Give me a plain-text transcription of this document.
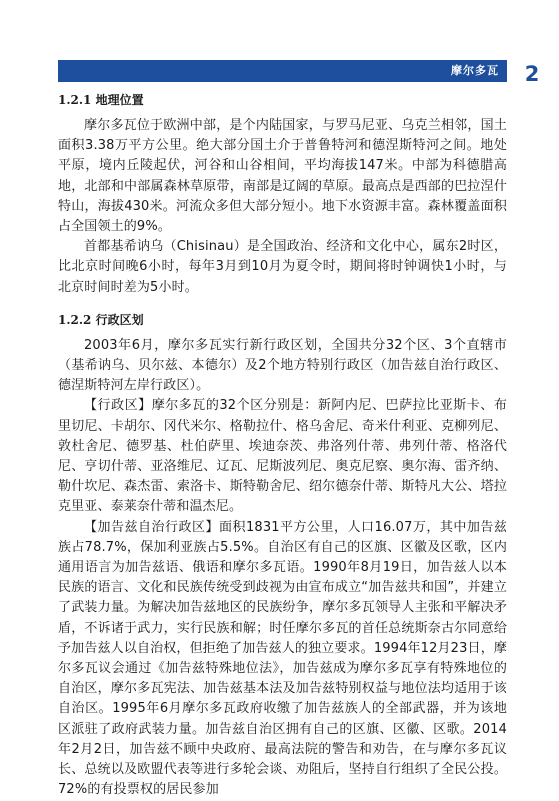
摩尔多瓦	2
1.2.1 地理位置

摩尔多瓦位于欧洲中部，是个内陆国家，与罗马尼亚、乌克兰相邻，国土面积3.38万平方公里。绝大部分国土介于普鲁特河和德涅斯特河之间。地处平原，境内丘陵起伏，河谷和山谷相间，平均海拔147米。中部为科德腊高地，北部和中部属森林草原带，南部是辽阔的草原。最高点是西部的巴拉涅什特山，海拔430米。河流众多但大部分短小。地下水资源丰富。森林覆盖面积占全国领土的9%。

首都基希讷乌（Chisinau）是全国政治、经济和文化中心，属东2时区，比北京时间晚6小时，每年3月到10月为夏令时，期间将时钟调快1小时，与北京时间时差为5小时。

1.2.2 行政区划

2003年6月，摩尔多瓦实行新行政区划，全国共分32个区、3个直辖市（基希讷乌、贝尔兹、本德尔）及2个地方特别行政区（加告兹自治行政区、德涅斯特河左岸行政区）。

【行政区】摩尔多瓦的32个区分别是：新阿内尼、巴萨拉比亚斯卡、布里切尼、卡胡尔、冈代米尔、格勒拉什、格乌舍尼、奇米什利亚、克柳列尼、敦杜舍尼、德罗基、杜伯萨里、埃迪奈茨、弗洛列什蒂、弗列什蒂、格洛代尼、亨切什蒂、亚洛维尼、辽瓦、尼斯波列尼、奥克尼察、奥尔海、雷齐纳、勒什坎尼、森杰雷、索洛卡、斯特勒舍尼、绍尔德奈什蒂、斯特凡大公、塔拉克里亚、泰莱奈什蒂和温杰尼。

【加告兹自治行政区】面积1831平方公里，人口16.07万，其中加告兹族占78.7%，保加利亚族占5.5%。自治区有自己的区旗、区徽及区歌，区内通用语言为加告兹语、俄语和摩尔多瓦语。1990年8月19日，加告兹人以本民族的语言、文化和民族传统受到歧视为由宣布成立“加告兹共和国”，并建立了武装力量。为解决加告兹地区的民族纷争，摩尔多瓦领导人主张和平解决矛盾，不诉诸于武力，实行民族和解；时任摩尔多瓦的首任总统斯奈古尔同意给予加告兹人以自治权，但拒绝了加告兹人的独立要求。1994年12月23日，摩尔多瓦议会通过《加告兹特殊地位法》，加告兹成为摩尔多瓦享有特殊地位的自治区，摩尔多瓦宪法、加告兹基本法及加告兹特别权益与地位法均适用于该自治区。1995年6月摩尔多瓦政府收缴了加告兹族人的全部武器，并为该地区派驻了政府武装力量。加告兹自治区拥有自己的区旗、区徽、区歌。2014年2月2日，加告兹不顾中央政府、最高法院的警告和劝告，在与摩尔多瓦议长、总统以及欧盟代表等进行多轮会谈、劝阻后，坚持自行组织了全民公投。72%的有投票权的居民参加
